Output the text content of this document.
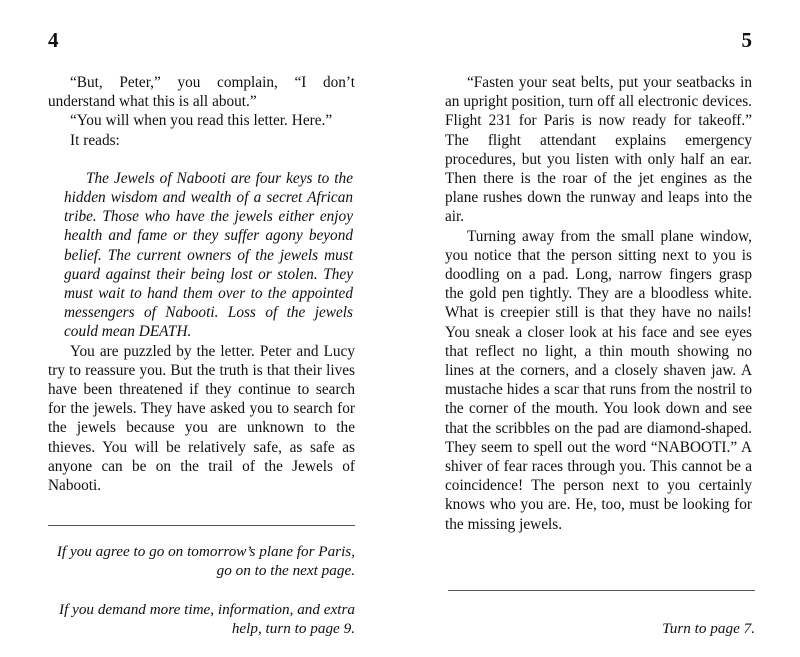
4

“But, Peter,” you complain, “I don’t understand what this is all about.”

“You will when you read this letter. Here.”

It reads:

The Jewels of Nabooti are four keys to the hidden wisdom and wealth of a secret African tribe. Those who have the jewels either enjoy health and fame or they suffer agony beyond belief. The current owners of the jewels must guard against their being lost or stolen. They must wait to hand them over to the appointed messengers of Nabooti. Loss of the jewels could mean DEATH.

You are puzzled by the letter. Peter and Lucy try to reassure you. But the truth is that their lives have been threatened if they continue to search for the jewels. They have asked you to search for the jewels because you are unknown to the thieves. You will be relatively safe, as safe as anyone can be on the trail of the Jewels of Nabooti.

If you agree to go on tomorrow’s plane for Paris, go on to the next page.

If you demand more time, information, and extra help, turn to page 9.

5

“Fasten your seat belts, put your seatbacks in an upright position, turn off all electronic devices. Flight 231 for Paris is now ready for takeoff.” The flight attendant explains emergency procedures, but you listen with only half an ear. Then there is the roar of the jet engines as the plane rushes down the runway and leaps into the air.

Turning away from the small plane window, you notice that the person sitting next to you is doodling on a pad. Long, narrow fingers grasp the gold pen tightly. They are a bloodless white. What is creepier still is that they have no nails! You sneak a closer look at his face and see eyes that reflect no light, a thin mouth showing no lines at the corners, and a closely shaven jaw. A mustache hides a scar that runs from the nostril to the corner of the mouth. You look down and see that the scribbles on the pad are diamond-shaped. They seem to spell out the word “NABOOTI.” A shiver of fear races through you. This cannot be a coincidence! The person next to you certainly knows who you are. He, too, must be looking for the missing jewels.

Turn to page 7.
